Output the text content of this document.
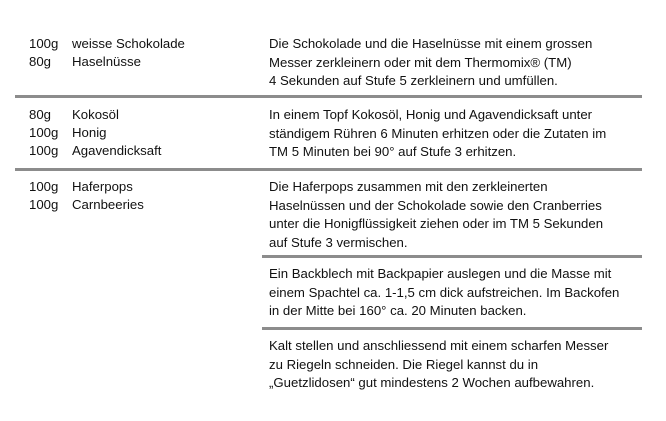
100g	weisse Schokolade
80g	Haselnüsse
Die Schokolade und die Haselnüsse mit einem grossen
Messer zerkleinern oder mit dem Thermomix® (TM)
4 Sekunden auf Stufe 5 zerkleinern und umfüllen.
80g	Kokosöl
100g	Honig
100g	Agavendicksaft
In einem Topf Kokosöl, Honig und Agavendicksaft unter
ständigem Rühren 6 Minuten erhitzen oder die Zutaten im
TM 5 Minuten bei 90° auf Stufe 3 erhitzen.
100g	Haferpops
100g	Carnbeeries
Die Haferpops zusammen mit den zerkleinerten
Haselnüssen und der Schokolade sowie den Cranberries
unter die Honigflüssigkeit ziehen oder im TM 5 Sekunden
auf Stufe 3 vermischen.
Ein Backblech mit Backpapier auslegen und die Masse mit
einem Spachtel ca. 1-1,5 cm dick aufstreichen. Im Backofen
in der Mitte bei 160° ca. 20 Minuten backen.
Kalt stellen und anschliessend mit einem scharfen Messer
zu Riegeln schneiden. Die Riegel kannst du in
„Guetzlidosen“ gut mindestens 2 Wochen aufbewahren.
